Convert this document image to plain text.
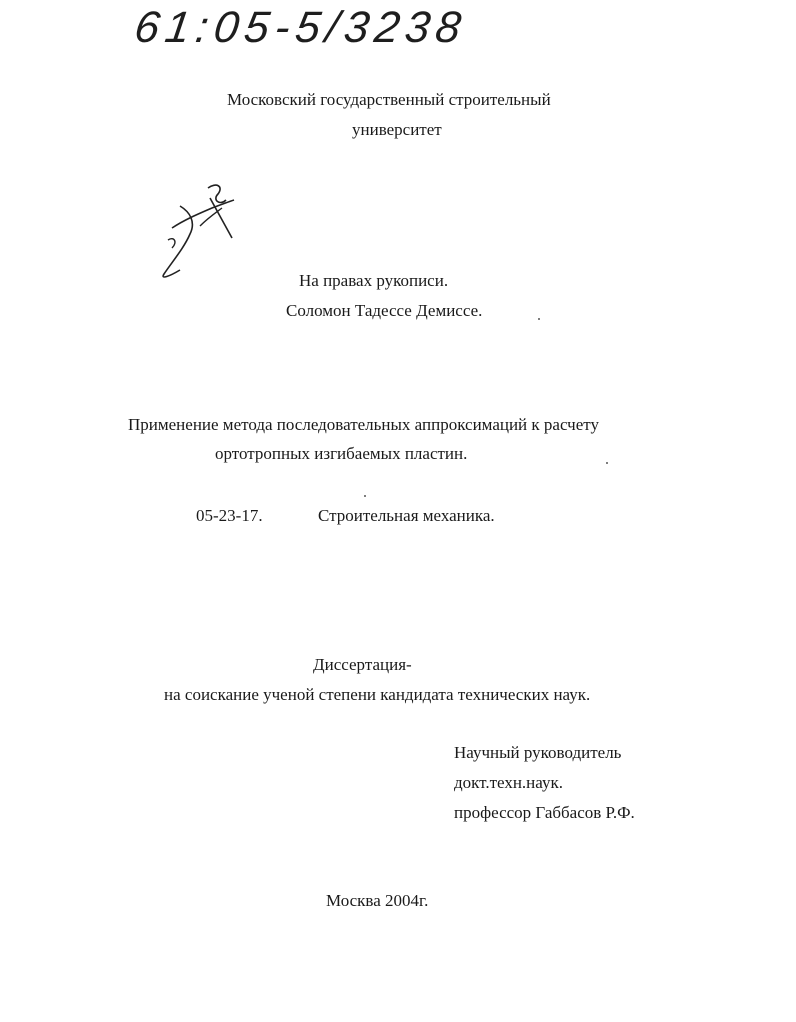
61:05-5/3238
Московский государственный строительный
университет
На правах рукописи.
Соломон Тадессе Демиссе.
Применение метода последовательных аппроксимаций к расчету
ортотропных изгибаемых пластин.
05-23-17.	Строительная механика.
Диссертация-
на соискание ученой степени кандидата технических наук.
Научный руководитель
докт.техн.наук.
профессор Габбасов Р.Ф.
Москва 2004г.
